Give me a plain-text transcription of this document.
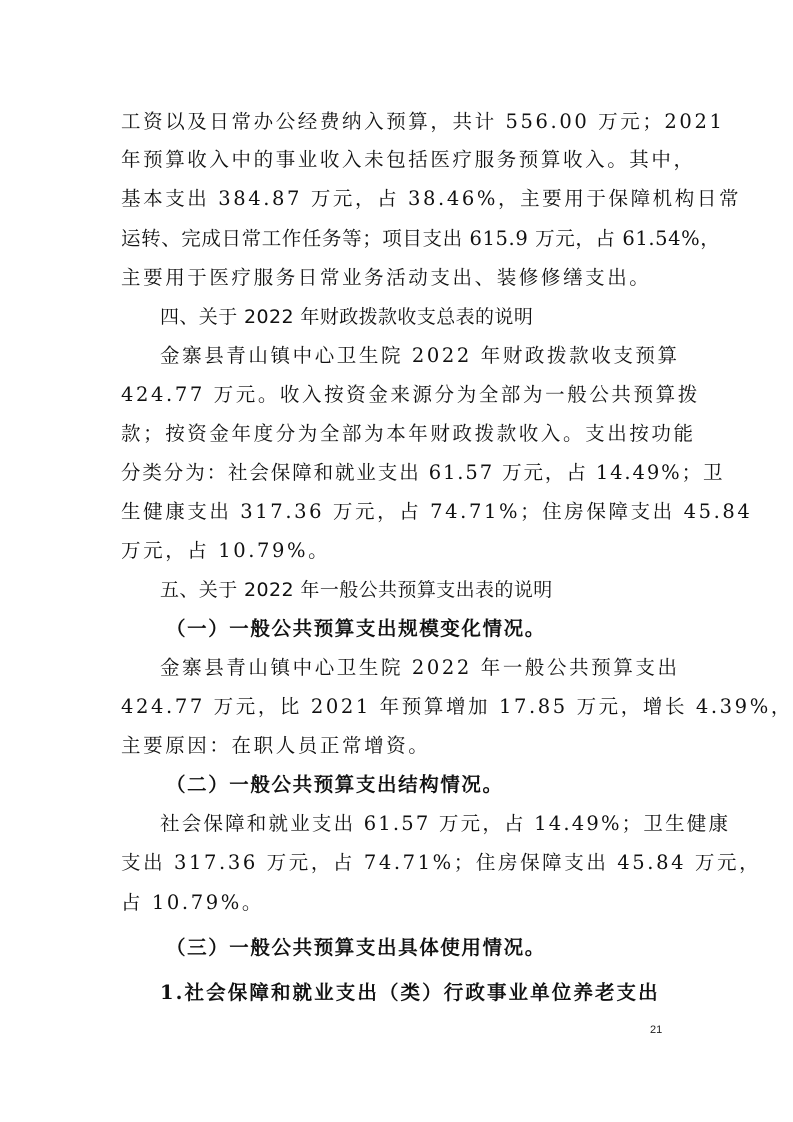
工资以及日常办公经费纳入预算，共计 556.00 万元；2021
年预算收入中的事业收入未包括医疗服务预算收入。其中，
基本支出 384.87 万元，占 38.46%，主要用于保障机构日常
运转、完成日常工作任务等；项目支出 615.9 万元，占 61.54%，
主要用于医疗服务日常业务活动支出、装修修缮支出。
四、关于 2022 年财政拨款收支总表的说明
金寨县青山镇中心卫生院 2022 年财政拨款收支预算
424.77 万元。收入按资金来源分为全部为一般公共预算拨
款；按资金年度分为全部为本年财政拨款收入。支出按功能
分类分为：社会保障和就业支出 61.57 万元，占 14.49%；卫
生健康支出 317.36 万元，占 74.71%；住房保障支出 45.84
万元，占 10.79%。
五、关于 2022 年一般公共预算支出表的说明
（一）一般公共预算支出规模变化情况。
金寨县青山镇中心卫生院 2022 年一般公共预算支出
424.77 万元，比 2021 年预算增加 17.85 万元，增长 4.39%，
主要原因：在职人员正常增资。
（二）一般公共预算支出结构情况。
社会保障和就业支出 61.57 万元，占 14.49%；卫生健康
支出 317.36 万元，占 74.71%；住房保障支出 45.84 万元，
占 10.79%。
（三）一般公共预算支出具体使用情况。
1.社会保障和就业支出（类）行政事业单位养老支出
21
